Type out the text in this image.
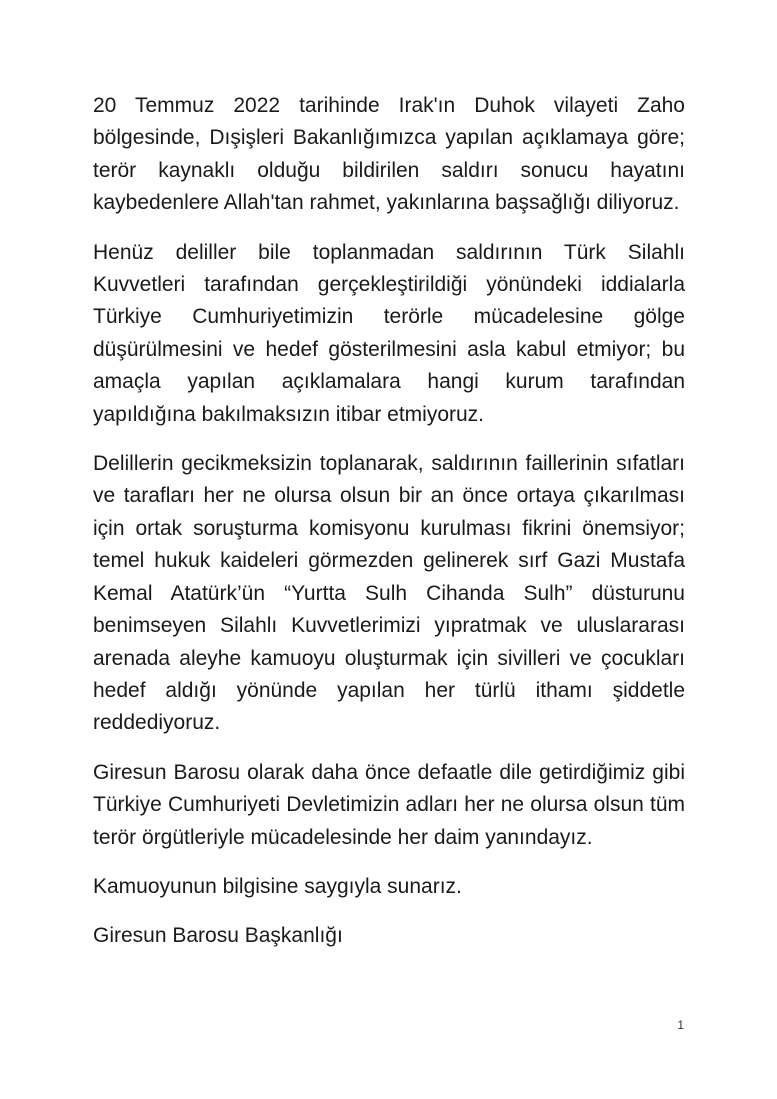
20 Temmuz 2022 tarihinde Irak'ın Duhok vilayeti Zaho bölgesinde, Dışişleri Bakanlığımızca yapılan açıklamaya göre; terör kaynaklı olduğu bildirilen saldırı sonucu hayatını kaybedenlere Allah'tan rahmet, yakınlarına başsağlığı diliyoruz.

Henüz deliller bile toplanmadan saldırının Türk Silahlı Kuvvetleri tarafından gerçekleştirildiği yönündeki iddialarla Türkiye Cumhuriyetimizin terörle mücadelesine gölge düşürülmesini ve hedef gösterilmesini asla kabul etmiyor; bu amaçla yapılan açıklamalara hangi kurum tarafından yapıldığına bakılmaksızın itibar etmiyoruz.

Delillerin gecikmeksizin toplanarak, saldırının faillerinin sıfatları ve tarafları her ne olursa olsun bir an önce ortaya çıkarılması için ortak soruşturma komisyonu kurulması fikrini önemsiyor; temel hukuk kaideleri görmezden gelinerek sırf Gazi Mustafa Kemal Atatürk’ün “Yurtta Sulh Cihanda Sulh” düsturunu benimseyen Silahlı Kuvvetlerimizi yıpratmak ve uluslararası arenada aleyhe kamuoyu oluşturmak için sivilleri ve çocukları hedef aldığı yönünde yapılan her türlü ithamı şiddetle reddediyoruz.

Giresun Barosu olarak daha önce defaatle dile getirdiğimiz gibi Türkiye Cumhuriyeti Devletimizin adları her ne olursa olsun tüm terör örgütleriyle mücadelesinde her daim yanındayız.

Kamuoyunun bilgisine saygıyla sunarız.

Giresun Barosu Başkanlığı

1
